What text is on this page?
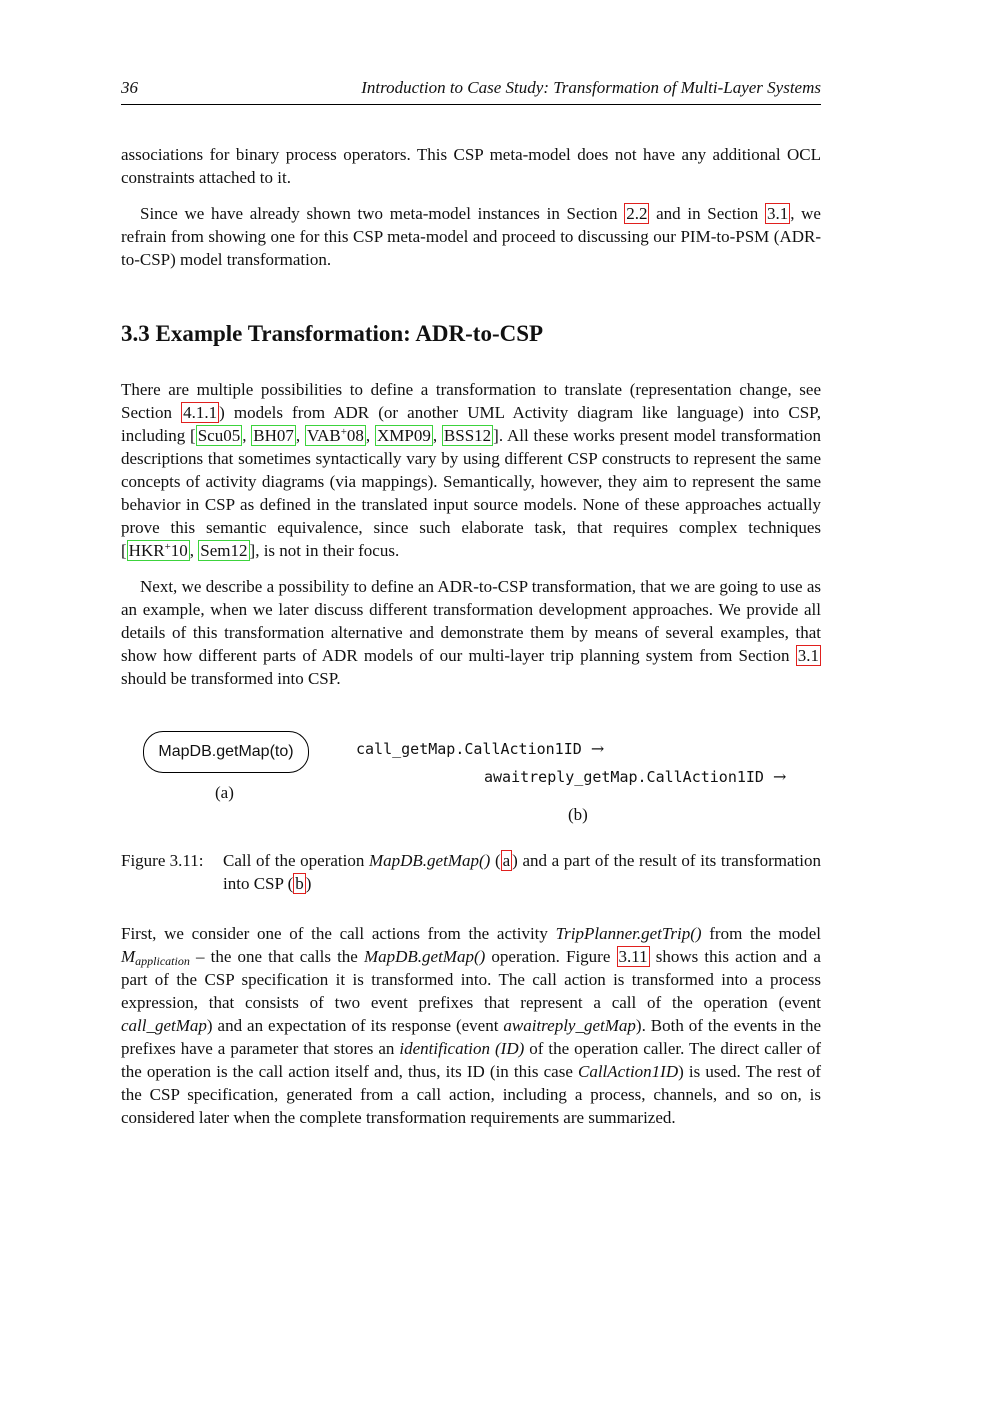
36	Introduction to Case Study: Transformation of Multi-Layer Systems

associations for binary process operators. This CSP meta-model does not have any additional OCL constraints attached to it.

Since we have already shown two meta-model instances in Section 2.2 and in Section 3.1 , we refrain from showing one for this CSP meta-model and proceed to discussing our PIM-to-PSM (ADR-to-CSP) model transformation.

3.3 Example Transformation: ADR-to-CSP

There are multiple possibilities to define a transformation to translate (representation change, see Section 4.1.1 ) models from ADR (or another UML Activity diagram like language) into CSP, including [ Scu05 , BH07 , VAB+08 , XMP09 , BSS12 ]. All these works present model transformation descriptions that sometimes syntactically vary by using different CSP constructs to represent the same concepts of activity diagrams (via mappings). Semantically, however, they aim to represent the same behavior in CSP as defined in the translated input source models. None of these approaches actually prove this semantic equivalence, since such elaborate task, that requires complex techniques [ HKR+10 , Sem12 ], is not in their focus.

Next, we describe a possibility to define an ADR-to-CSP transformation, that we are going to use as an example, when we later discuss different transformation development approaches. We provide all details of this transformation alternative and demonstrate them by means of several examples, that show how different parts of ADR models of our multi-layer trip planning system from Section 3.1 should be transformed into CSP.

MapDB.getMap(to)
(a)
call_getMap.CallAction1ID →
awaitreply_getMap.CallAction1ID →
(b)
Figure 3.11:	Call of the operation MapDB.getMap() ( a ) and a part of the result of its transformation into CSP ( b )

First, we consider one of the call actions from the activity TripPlanner.getTrip() from the model $M_{application}$ – the one that calls the MapDB.getMap() operation. Figure 3.11 shows this action and a part of the CSP specification it is transformed into. The call action is transformed into a process expression, that consists of two event prefixes that represent a call of the operation (event call_getMap) and an expectation of its response (event awaitreply_getMap). Both of the events in the prefixes have a parameter that stores an identification (ID) of the operation caller. The direct caller of the operation is the call action itself and, thus, its ID (in this case CallAction1ID) is used. The rest of the CSP specification, generated from a call action, including a process, channels, and so on, is considered later when the complete transformation requirements are summarized.
